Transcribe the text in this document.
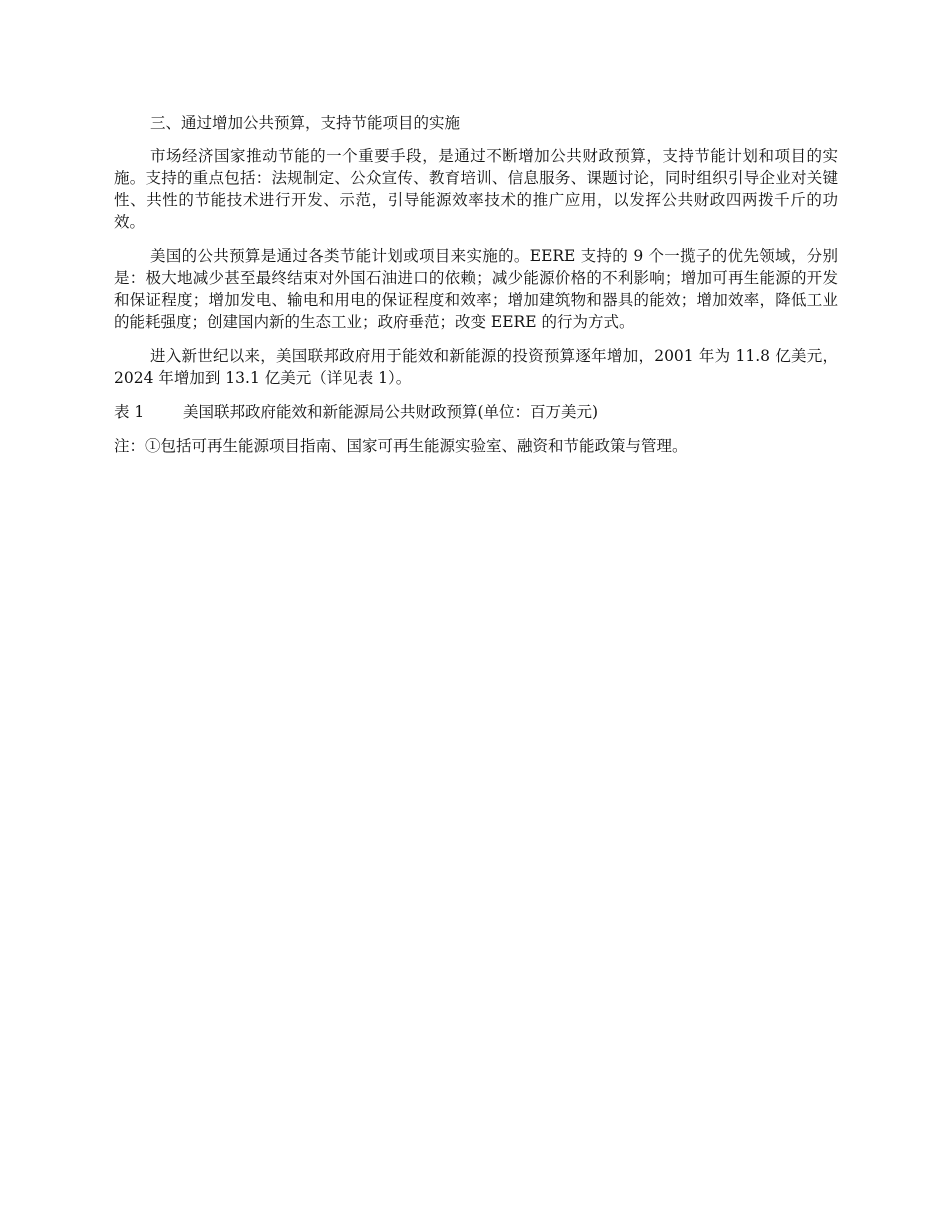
三、通过增加公共预算，支持节能项目的实施

市场经济国家推动节能的一个重要手段，是通过不断增加公共财政预算，支持节能计划和项目的实施。支持的重点包括：法规制定、公众宣传、教育培训、信息服务、课题讨论，同时组织引导企业对关键性、共性的节能技术进行开发、示范，引导能源效率技术的推广应用，以发挥公共财政四两拨千斤的功效。

美国的公共预算是通过各类节能计划或项目来实施的。EERE 支持的 9 个一揽子的优先领域，分别是：极大地减少甚至最终结束对外国石油进口的依赖；减少能源价格的不利影响；增加可再生能源的开发和保证程度；增加发电、输电和用电的保证程度和效率；增加建筑物和器具的能效；增加效率，降低工业的能耗强度；创建国内新的生态工业；政府垂范；改变 EERE 的行为方式。

进入新世纪以来，美国联邦政府用于能效和新能源的投资预算逐年增加，2001 年为 11.8 亿美元，2024 年增加到 13.1 亿美元（详见表 1）。

表 1 美国联邦政府能效和新能源局公共财政预算(单位：百万美元)

注：①包括可再生能源项目指南、国家可再生能源实验室、融资和节能政策与管理。
